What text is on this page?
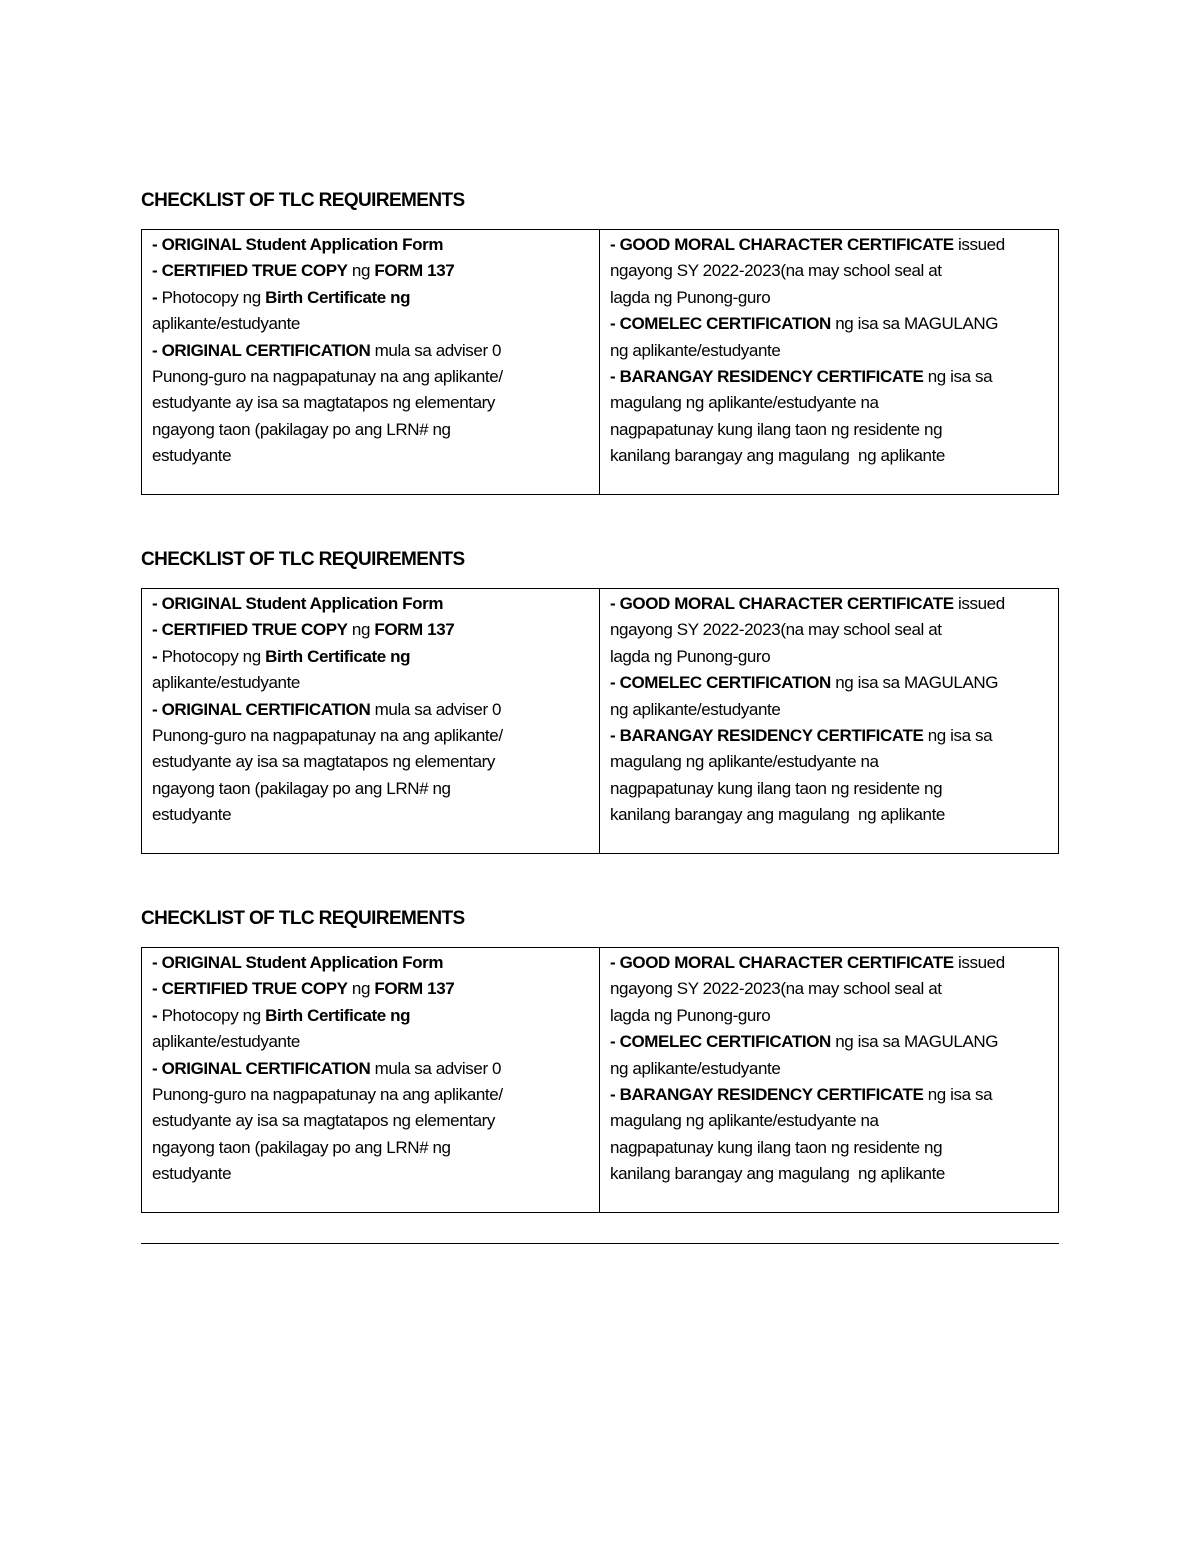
CHECKLIST OF TLC REQUIREMENTS
- ORIGINAL Student Application Form
- CERTIFIED TRUE COPY ng FORM 137
- Photocopy ng Birth Certificate ng
aplikante/estudyante
- ORIGINAL CERTIFICATION mula sa adviser 0
Punong-guro na nagpapatunay na ang aplikante/
estudyante ay isa sa magtatapos ng elementary
ngayong taon (pakilagay po ang LRN# ng
estudyante
- GOOD MORAL CHARACTER CERTIFICATE issued
ngayong SY 2022-2023(na may school seal at
lagda ng Punong-guro
- COMELEC CERTIFICATION ng isa sa MAGULANG
ng aplikante/estudyante
- BARANGAY RESIDENCY CERTIFICATE ng isa sa
magulang ng aplikante/estudyante na
nagpapatunay kung ilang taon ng residente ng
kanilang barangay ang magulang  ng aplikante
CHECKLIST OF TLC REQUIREMENTS
- ORIGINAL Student Application Form
- CERTIFIED TRUE COPY ng FORM 137
- Photocopy ng Birth Certificate ng
aplikante/estudyante
- ORIGINAL CERTIFICATION mula sa adviser 0
Punong-guro na nagpapatunay na ang aplikante/
estudyante ay isa sa magtatapos ng elementary
ngayong taon (pakilagay po ang LRN# ng
estudyante
- GOOD MORAL CHARACTER CERTIFICATE issued
ngayong SY 2022-2023(na may school seal at
lagda ng Punong-guro
- COMELEC CERTIFICATION ng isa sa MAGULANG
ng aplikante/estudyante
- BARANGAY RESIDENCY CERTIFICATE ng isa sa
magulang ng aplikante/estudyante na
nagpapatunay kung ilang taon ng residente ng
kanilang barangay ang magulang  ng aplikante
CHECKLIST OF TLC REQUIREMENTS
- ORIGINAL Student Application Form
- CERTIFIED TRUE COPY ng FORM 137
- Photocopy ng Birth Certificate ng
aplikante/estudyante
- ORIGINAL CERTIFICATION mula sa adviser 0
Punong-guro na nagpapatunay na ang aplikante/
estudyante ay isa sa magtatapos ng elementary
ngayong taon (pakilagay po ang LRN# ng
estudyante
- GOOD MORAL CHARACTER CERTIFICATE issued
ngayong SY 2022-2023(na may school seal at
lagda ng Punong-guro
- COMELEC CERTIFICATION ng isa sa MAGULANG
ng aplikante/estudyante
- BARANGAY RESIDENCY CERTIFICATE ng isa sa
magulang ng aplikante/estudyante na
nagpapatunay kung ilang taon ng residente ng
kanilang barangay ang magulang  ng aplikante
